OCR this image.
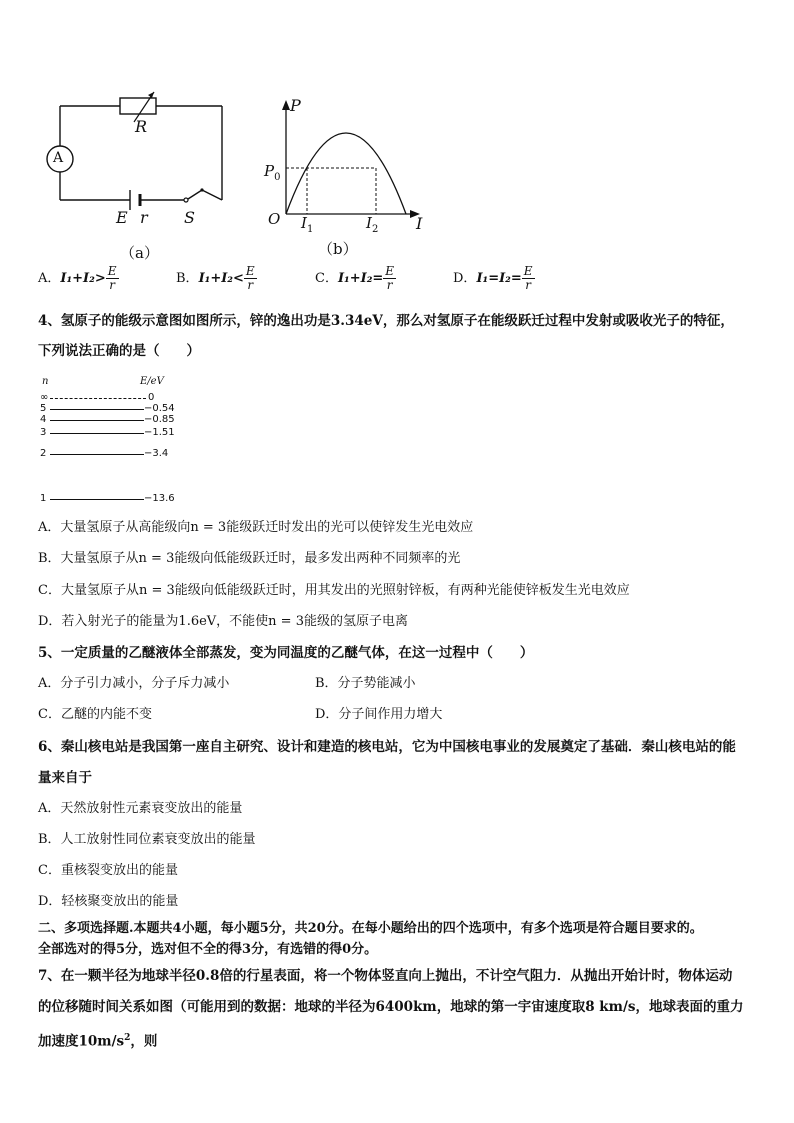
A
R
E r S
（a）
P
$P_0$
O $I_1$	$I_2$ I
（b）
A．$I_1+I_2> \frac{E}{r}$	B．$I_1+I_2< \frac{E}{r}$	C．$I_1+I_2= \frac{E}{r}$	D．$I_1=I_2= \frac{E}{r}$
4、氢原子的能级示意图如图所示，锌的逸出功是3.34eV，那么对氢原子在能级跃迁过程中发射或吸收光子的特征，
下列说法正确的是（　　）
n	E/eV
∞	0
5	−0.54
4	−0.85
3	−1.51
2	−3.4
1	−13.6
A．大量氢原子从高能级向n = 3能级跃迁时发出的光可以使锌发生光电效应
B．大量氢原子从n = 3能级向低能级跃迁时，最多发出两种不同频率的光
C．大量氢原子从n = 3能级向低能级跃迁时，用其发出的光照射锌板，有两种光能使锌板发生光电效应
D．若入射光子的能量为1.6eV，不能使n = 3能级的氢原子电离
5、一定质量的乙醚液体全部蒸发，变为同温度的乙醚气体，在这一过程中（　　）
A．分子引力减小，分子斥力减小	B．分子势能减小
C．乙醚的内能不变	D．分子间作用力增大
6、秦山核电站是我国第一座自主研究、设计和建造的核电站，它为中国核电事业的发展奠定了基础．秦山核电站的能
量来自于
A．天然放射性元素衰变放出的能量
B．人工放射性同位素衰变放出的能量
C．重核裂变放出的能量
D．轻核聚变放出的能量
二、多项选择题.本题共4小题，每小题5分，共20分。在每小题给出的四个选项中，有多个选项是符合题目要求的。
全部选对的得5分，选对但不全的得3分，有选错的得0分。
7、在一颗半径为地球半径0.8倍的行星表面，将一个物体竖直向上抛出，不计空气阻力．从抛出开始计时，物体运动
的位移随时间关系如图（可能用到的数据：地球的半径为6400km，地球的第一宇宙速度取8 km/s，地球表面的重力
加速度$10m/s^2$，则
